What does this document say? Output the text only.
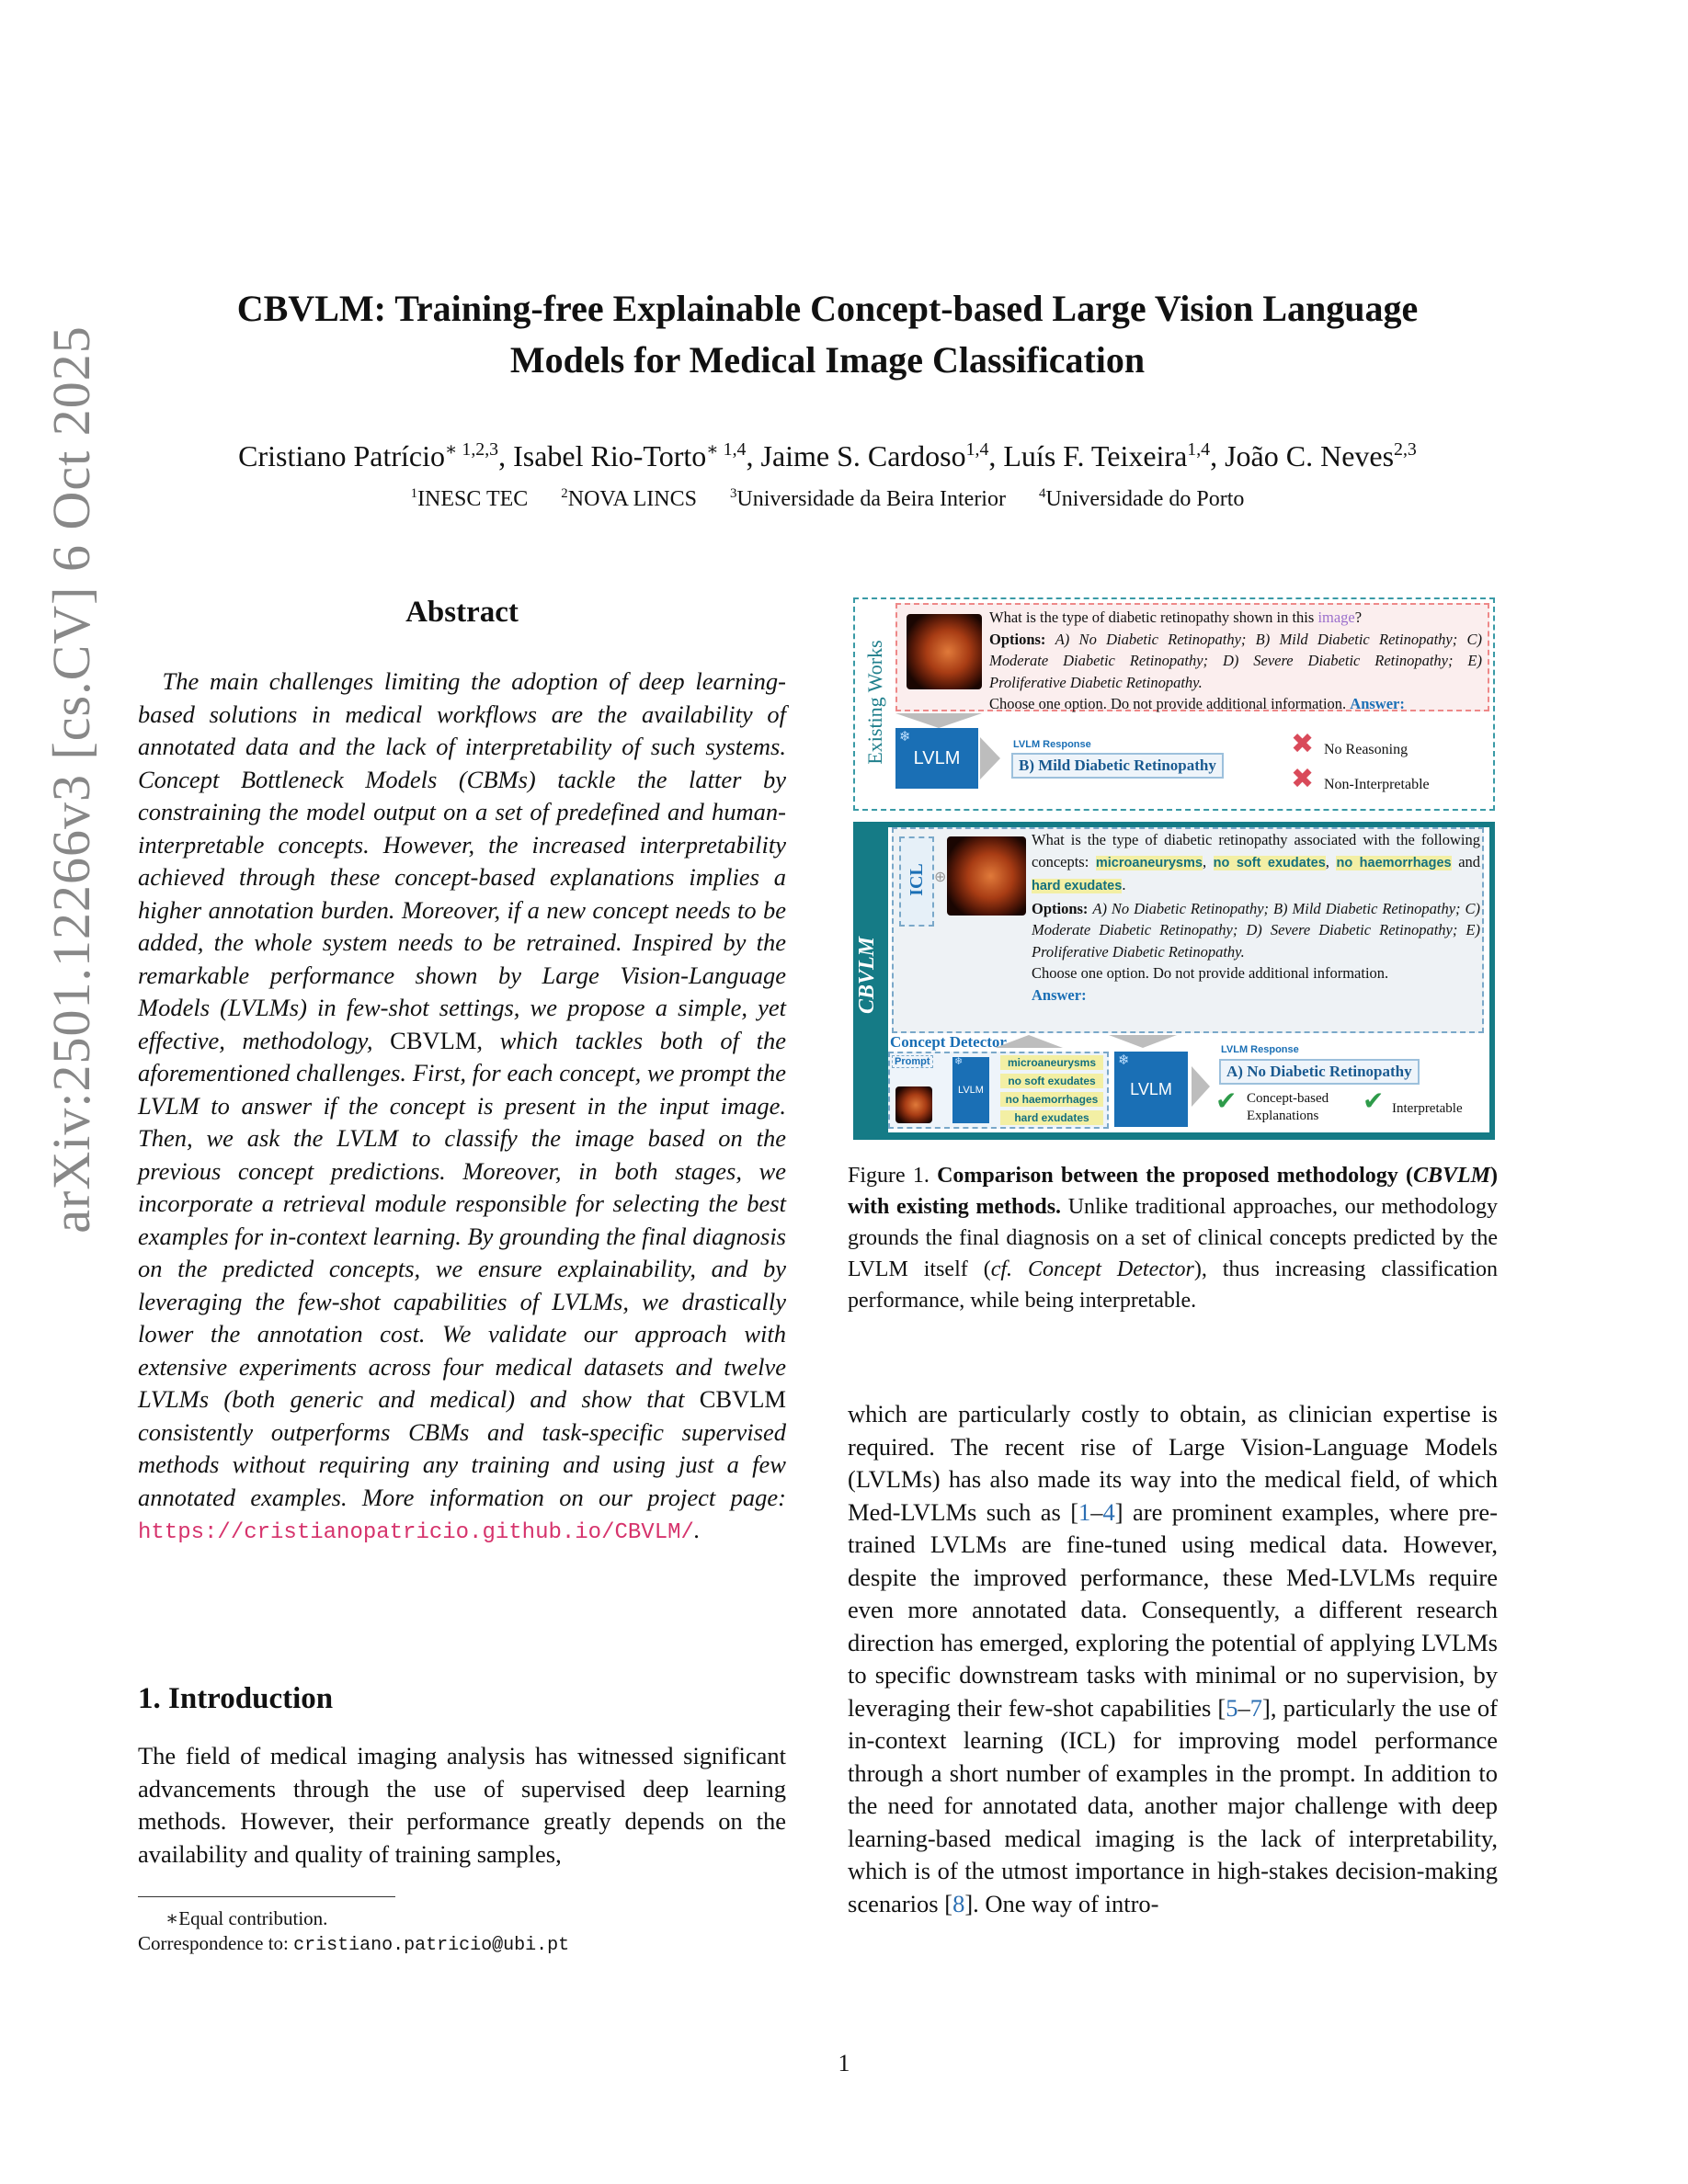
CBVLM: Training-free Explainable Concept-based Large Vision Language
Models for Medical Image Classification
Cristiano Patrício$^{∗ 1,2,3}$, Isabel Rio-Torto$^{∗ 1,4}$, Jaime S. Cardoso$^{1,4}$, Luís F. Teixeira$^{1,4}$, João C. Neves$^{2,3}$
$^1$INESC TEC   $^2$NOVA LINCS   $^3$Universidade da Beira Interior   $^4$Universidade do Porto
arXiv:2501.12266v3 [cs.CV] 6 Oct 2025	Abstract
 The main challenges limiting the adoption of deep learning-based solutions in medical workflows are the availability of annotated data and the lack of interpretability of such systems. Concept Bottleneck Models (CBMs) tackle the latter by constraining the model output on a set of predefined and human-interpretable concepts. However, the increased interpretability achieved through these concept-based explanations implies a higher annotation burden. Moreover, if a new concept needs to be added, the whole system needs to be retrained. Inspired by the remarkable performance shown by Large Vision-Language Models (LVLMs) in few-shot settings, we propose a simple, yet effective, methodology, CBVLM, which tackles both of the aforementioned challenges. First, for each concept, we prompt the LVLM to answer if the concept is present in the input image. Then, we ask the LVLM to classify the image based on the previous concept predictions. Moreover, in both stages, we incorporate a retrieval module responsible for selecting the best examples for in-context learning. By grounding the final diagnosis on the predicted concepts, we ensure explainability, and by leveraging the few-shot capabilities of LVLMs, we drastically lower the annotation cost. We validate our approach with extensive experiments across four medical datasets and twelve LVLMs (both generic and medical) and show that CBVLM consistently outperforms CBMs and task-specific supervised methods without requiring any training and using just a few annotated examples. More information on our project page: https://cristianopatricio.github.io/CBVLM/.
1. Introduction
The field of medical imaging analysis has witnessed significant advancements through the use of supervised deep learning methods. However, their performance greatly depends on the availability and quality of training samples,
∗Equal contribution.
Correspondence to: cristiano.patricio@ubi.pt
Existing Works
What is the type of diabetic retinopathy shown in this image?
Options: A) No Diabetic Retinopathy; B) Mild Diabetic Retinopathy; C) Moderate Diabetic Retinopathy; D) Severe Diabetic Retinopathy; E) Proliferative Diabetic Retinopathy.
Choose one option. Do not provide additional information. Answer:
LVLM
❄	LVLM Response
B) Mild Diabetic Retinopathy
✖ No Reasoning
✖ Non-Interpretable
CBVLM
ICL ⊕
What is the type of diabetic retinopathy associated with the following concepts: microaneurysms, no soft exudates, no haemorrhages and hard exudates.
Options: A) No Diabetic Retinopathy; B) Mild Diabetic Retinopathy; C) Moderate Diabetic Retinopathy; D) Severe Diabetic Retinopathy; E) Proliferative Diabetic Retinopathy.
Choose one option. Do not provide additional information.
Answer:
Concept Detector
Prompt
LVLM
❄	microaneurysms
no soft exudates
no haemorrhages
hard exudates
LVLM
❄
LVLM Response
A) No Diabetic Retinopathy
✔ Concept-based
Explanations	✔ Interpretable
Figure 1. Comparison between the proposed methodology (CBVLM) with existing methods. Unlike traditional approaches, our methodology grounds the final diagnosis on a set of clinical concepts predicted by the LVLM itself (cf. Concept Detector), thus increasing classification performance, while being interpretable.
which are particularly costly to obtain, as clinician expertise is required. The recent rise of Large Vision-Language Models (LVLMs) has also made its way into the medical field, of which Med-LVLMs such as [1–4] are prominent examples, where pre-trained LVLMs are fine-tuned using medical data. However, despite the improved performance, these Med-LVLMs require even more annotated data. Consequently, a different research direction has emerged, exploring the potential of applying LVLMs to specific downstream tasks with minimal or no supervision, by leveraging their few-shot capabilities [5–7], particularly the use of in-context learning (ICL) for improving model performance through a short number of examples in the prompt. In addition to the need for annotated data, another major challenge with deep learning-based medical imaging is the lack of interpretability, which is of the utmost importance in high-stakes decision-making scenarios [8]. One way of intro-
1
